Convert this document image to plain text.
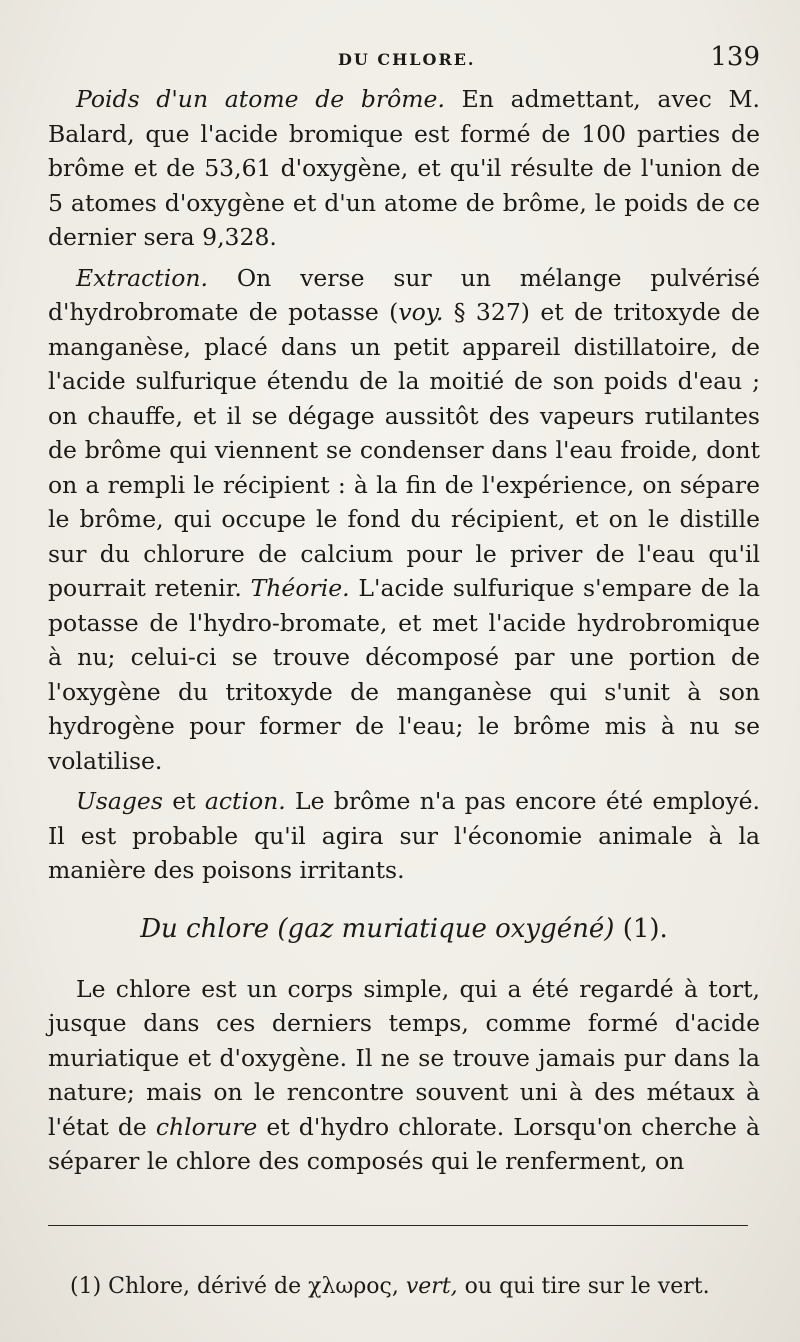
DU CHLORE.	139

Poids d'un atome de brôme. En admettant, avec M. Balard, que l'acide bromique est formé de 100 parties de brôme et de 53,61 d'oxygène, et qu'il résulte de l'union de 5 atomes d'oxygène et d'un atome de brôme, le poids de ce dernier sera 9,328.

Extraction. On verse sur un mélange pulvérisé d'hydrobromate de potasse (voy. § 327) et de tritoxyde de manganèse, placé dans un petit appareil distillatoire, de l'acide sulfurique étendu de la moitié de son poids d'eau ; on chauffe, et il se dégage aussitôt des vapeurs rutilantes de brôme qui viennent se condenser dans l'eau froide, dont on a rempli le récipient : à la fin de l'expérience, on sépare le brôme, qui occupe le fond du récipient, et on le distille sur du chlorure de calcium pour le priver de l'eau qu'il pourrait retenir. Théorie. L'acide sulfurique s'empare de la potasse de l'hydro-bromate, et met l'acide hydrobromique à nu; celui-ci se trouve décomposé par une portion de l'oxygène du tritoxyde de manganèse qui s'unit à son hydrogène pour former de l'eau; le brôme mis à nu se volatilise.

Usages et action. Le brôme n'a pas encore été employé. Il est probable qu'il agira sur l'économie animale à la manière des poisons irritants.

Du chlore (gaz muriatique oxygéné) (1).

Le chlore est un corps simple, qui a été regardé à tort, jusque dans ces derniers temps, comme formé d'acide muriatique et d'oxygène. Il ne se trouve jamais pur dans la nature; mais on le rencontre souvent uni à des métaux à l'état de chlorure et d'hydro chlorate. Lorsqu'on cherche à séparer le chlore des composés qui le renferment, on

(1) Chlore, dérivé de χλωρος, vert, ou qui tire sur le vert.
